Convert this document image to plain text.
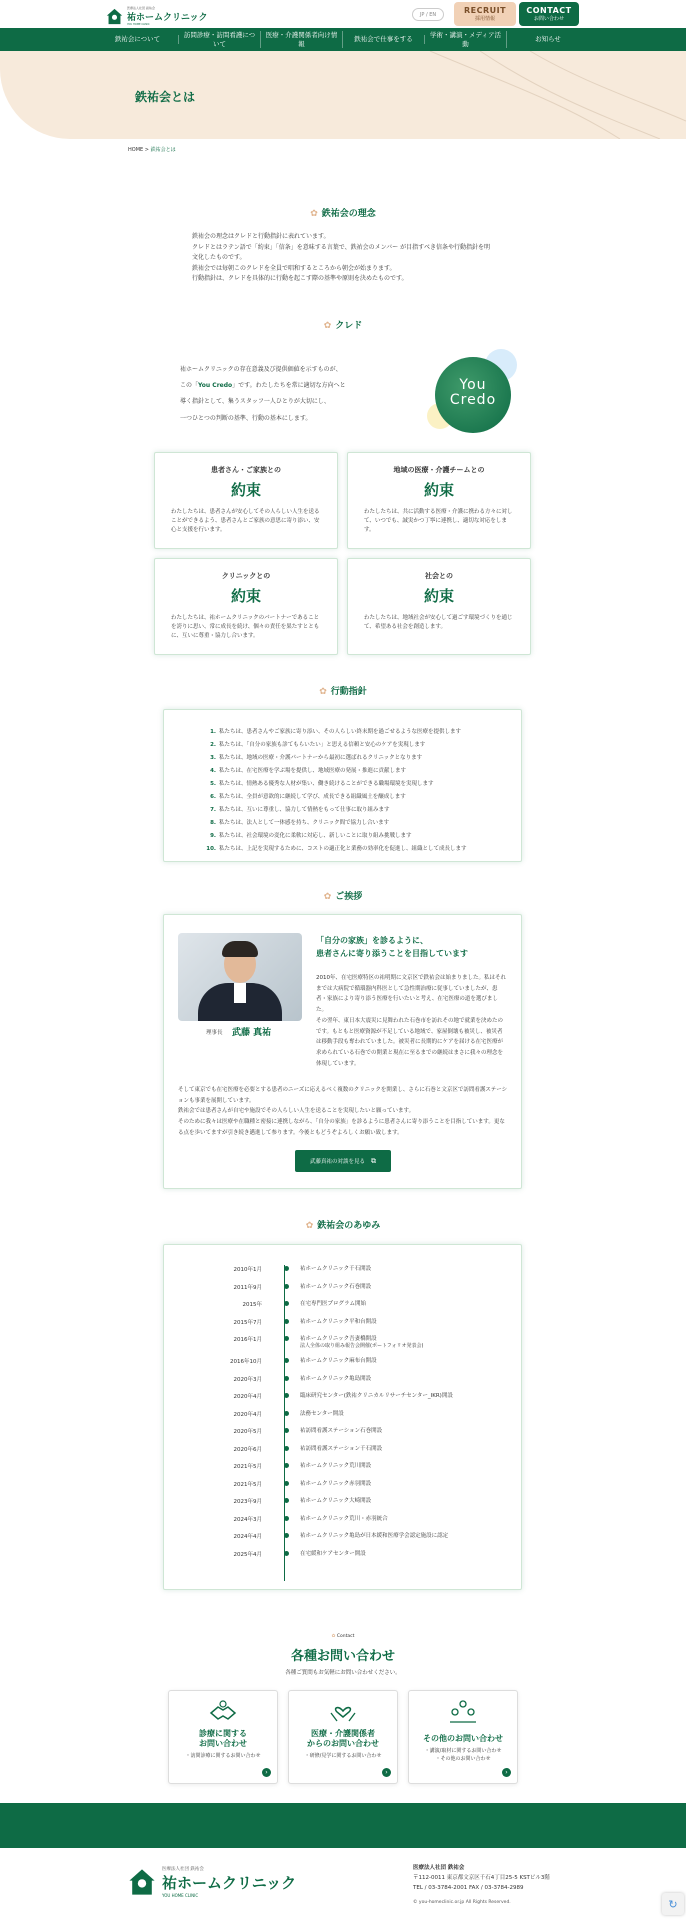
医療法人社団 鉄祐会
祐ホームクリニック
YOU HOME CLINIC
JP / EN	RECRUIT
採用情報
CONTACT
お問い合わせ
鉄祐会について
訪問診療・訪問看護について
医療・介護関係者向け情報
鉄祐会で仕事をする
学術・講演・メディア活動
お知らせ
鉄祐会とは
HOME > 鉄祐会とは
✿ 鉄祐会の理念
鉄祐会の理念はクレドと行動指針に表れています。
クレドとはラテン語で「約束」「信条」を意味する言葉で、鉄祐会のメンバー が目指すべき信条や行動指針を明文化したものです。
鉄祐会では毎朝このクレドを全員で唱和するところから朝会が始まります。
行動指針は、クレドを具体的に行動を起こす際の基準や原則を決めたものです。
✿ クレド
祐ホームクリニックの存在意義及び提供価値を示すものが、
この「You Credo」です。わたしたちを常に適切な方向へと
導く指針として、集うスタッフ一人ひとりが大切にし、
一つひとつの判断の基準、行動の基本にします。
You
Credo
患者さん・ご家族との
約束
わたしたちは、患者さんが安心してその人らしい人生を送ることができるよう、患者さんとご家族の意思に寄り添い、安心と支援を行います。
地域の医療・介護チームとの
約束
わたしたちは、共に活動する医療・介護に携わる方々に対して、いつでも、誠実かつ丁寧に連携し、適切な対応をします。
クリニックとの
約束
わたしたちは、祐ホームクリニックのパートナーであることを誇りに思い、常に成長を続け、個々の責任を果たすとともに、互いに尊重・協力し合います。
社会との
約束
わたしたちは、地域社会が安心して過ごす環境づくりを通じて、希望ある社会を創造します。
✿ 行動指針
1. 私たちは、患者さんやご家族に寄り添い、その人らしい終末期を過ごせるような医療を提供します
2. 私たちは、「自分の家族も診てもらいたい」と思える信頼と安心のケアを実現します
3. 私たちは、地域の医療・介護パートナーから最初に選ばれるクリニックとなります
4. 私たちは、在宅医療を学ぶ場を提供し、地域医療の発展・推進に貢献します
5. 私たちは、情熱ある優秀な人材が集い、働き続けることができる職場環境を実現します
6. 私たちは、全員が意欲的に継続して学び、成長できる組織風土を醸成します
7. 私たちは、互いに尊重し、協力して情熱をもって仕事に取り組みます
8. 私たちは、法人として一体感を持ち、クリニック間で協力し合います
9. 私たちは、社会環境の変化に柔軟に対応し、新しいことに取り組み挑戦します
10. 私たちは、上記を実現するために、コストの適正化と業務の効率化を促進し、組織として成長します
✿ ご挨拶
理事長 武藤 真祐
「自分の家族」を診るように、
患者さんに寄り添うことを目指しています
2010年、在宅医療特区の祐明期に文京区で鉄祐会は始まりました。私はそれまでは大病院で循環器内科医として急性期治療に従事していましたが、患者・家族により寄り添う医療を行いたいと考え、在宅医療の道を選びました。
その翌年、東日本大震災に見舞われた石巻市を訪れその地で就業を決めたのです。もともと医療資源が不足している地域で、家屋倒壊も被災し、被災者は移動手段も奪われていました。被災者に長期的にケアを届ける在宅医療が求められている石巻での開業と現在に至るまでの継続はまさに我々の理念を体現しています。
そして東京でも在宅医療を必要とする患者のニーズに応えるべく複数のクリニックを開業し、さらに石巻と文京区で訪問看護ステーションも事業を展開しています。
鉄祐会では患者さんが自宅や施設でその人らしい人生を送ることを実現したいと願っています。
そのために我々は医療や在職種と密接に連携しながら、「自分の家族」を診るように患者さんに寄り添うことを目指しています。更なる点を歩いてますが引き続き邁進して参ります。今後ともどうぞよろしくお願い致します。
武藤真祐の対談を見る ⧉
✿ 鉄祐会のあゆみ
2010年1月	祐ホームクリニック千石開設
2011年9月	祐ホームクリニック石巻開設
2015年	在宅専門医プログラム開始
2015年7月	祐ホームクリニック平和台開設
2016年1月	祐ホームクリニック吾妻橋開設
法人全体の取り組み報告会開催(ポートフォリオ発表会)
2016年10月	祐ホームクリニック麻布台開設
2020年3月	祐ホームクリニック亀島開設
2020年4月	臨床研究センター(鉄祐クリニカルリサーチセンター_IKR)開設
2020年4月	法務センター開設
2020年5月	祐訪問看護ステーション石巻開設
2020年6月	祐訪問看護ステーション千石開設
2021年5月	祐ホームクリニック荒川開設
2021年5月	祐ホームクリニック赤羽開設
2023年9月	祐ホームクリニック大崎開設
2024年3月	祐ホームクリニック荒川・赤羽統合
2024年4月	祐ホームクリニック亀島が日本緩和医療学会認定施設に認定
2025年4月	在宅緩和ケアセンター開設
✿ Contact
各種お問い合わせ
各種ご質問もお気軽にお問い合わせください。
診療に関する
お問い合わせ
・訪問診療に関するお問い合わせ
›
医療・介護関係者
からのお問い合わせ
・研修/見学に関するお問い合わせ
›
その他のお問い合わせ
・講演/取材に関するお問い合わせ
・その他のお問い合わせ
›
医療法人社団 鉄祐会
祐ホームクリニック
YOU HOME CLINIC
医療法人社団 鉄祐会
〒112-0011 東京都文京区千石4丁目25-5 KSTビル3階
TEL / 03-3784-2001 FAX / 03-3784-2989
© you-homeclinic.or.jp All Rights Reserved.	↻
